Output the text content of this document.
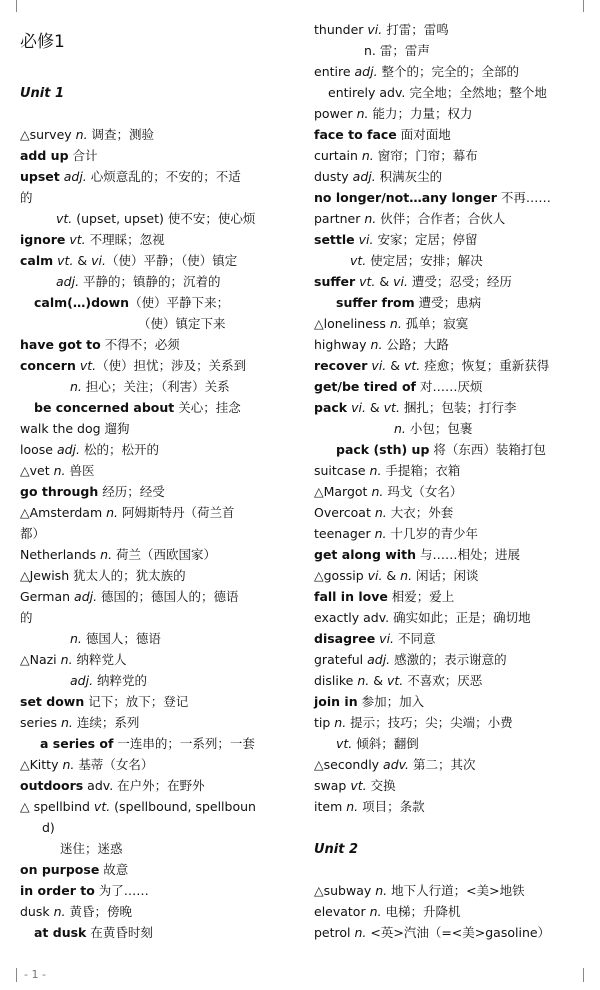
必修1
Unit 1
△survey n. 调查；测验
add up 合计
upset adj. 心烦意乱的；不安的；不适
的
vt. (upset, upset) 使不安；使心烦
ignore vt. 不理睬；忽视
calm vt. & vi.（使）平静；（使）镇定
adj. 平静的；镇静的；沉着的
calm(…)down（使）平静下来；
（使）镇定下来
have got to 不得不；必须
concern vt.（使）担忧；涉及；关系到
n. 担心；关注；（利害）关系
be concerned about 关心；挂念
walk the dog 遛狗
loose adj. 松的；松开的
△vet n. 兽医
go through 经历；经受
△Amsterdam n. 阿姆斯特丹（荷兰首
都）
Netherlands n. 荷兰（西欧国家）
△Jewish 犹太人的；犹太族的
German adj. 德国的；德国人的；德语
的
n. 德国人；德语
△Nazi n. 纳粹党人
adj. 纳粹党的
set down 记下；放下；登记
series n. 连续；系列
a series of 一连串的；一系列；一套
△Kitty n. 基蒂（女名）
outdoors adv. 在户外；在野外
△ spellbind vt. (spellbound, spellboun
d)
迷住；迷惑
on purpose 故意
in order to 为了……
dusk n. 黄昏；傍晚
at dusk 在黄昏时刻
thunder vi. 打雷；雷鸣
n. 雷；雷声
entire adj. 整个的；完全的；全部的
entirely adv. 完全地；全然地；整个地
power n. 能力；力量；权力
face to face 面对面地
curtain n. 窗帘；门帘；幕布
dusty adj. 积满灰尘的
no longer/not…any longer 不再……
partner n. 伙伴；合作者；合伙人
settle vi. 安家；定居；停留
vt. 使定居；安排；解决
suffer vt. & vi. 遭受；忍受；经历
suffer from 遭受；患病
△loneliness n. 孤单；寂寞
highway n. 公路；大路
recover vi. & vt. 痊愈；恢复；重新获得
get/be tired of 对……厌烦
pack vi. & vt. 捆扎；包装；打行李
n. 小包；包裹
pack (sth) up 将（东西）装箱打包
suitcase n. 手提箱；衣箱
△Margot n. 玛戈（女名）
Overcoat n. 大衣；外套
teenager n. 十几岁的青少年
get along with 与……相处；进展
△gossip vi. & n. 闲话；闲谈
fall in love 相爱；爱上
exactly adv. 确实如此；正是；确切地
disagree vi. 不同意
grateful adj. 感激的；表示谢意的
dislike n. & vt. 不喜欢；厌恶
join in 参加；加入
tip n. 提示；技巧；尖；尖端；小费
vt. 倾斜；翻倒
△secondly adv. 第二；其次
swap vt. 交换
item n. 项目；条款
Unit 2
△subway n. 地下人行道；<美>地铁
elevator n. 电梯；升降机
petrol n. <英>汽油（=<美>gasoline）
- 1 -
